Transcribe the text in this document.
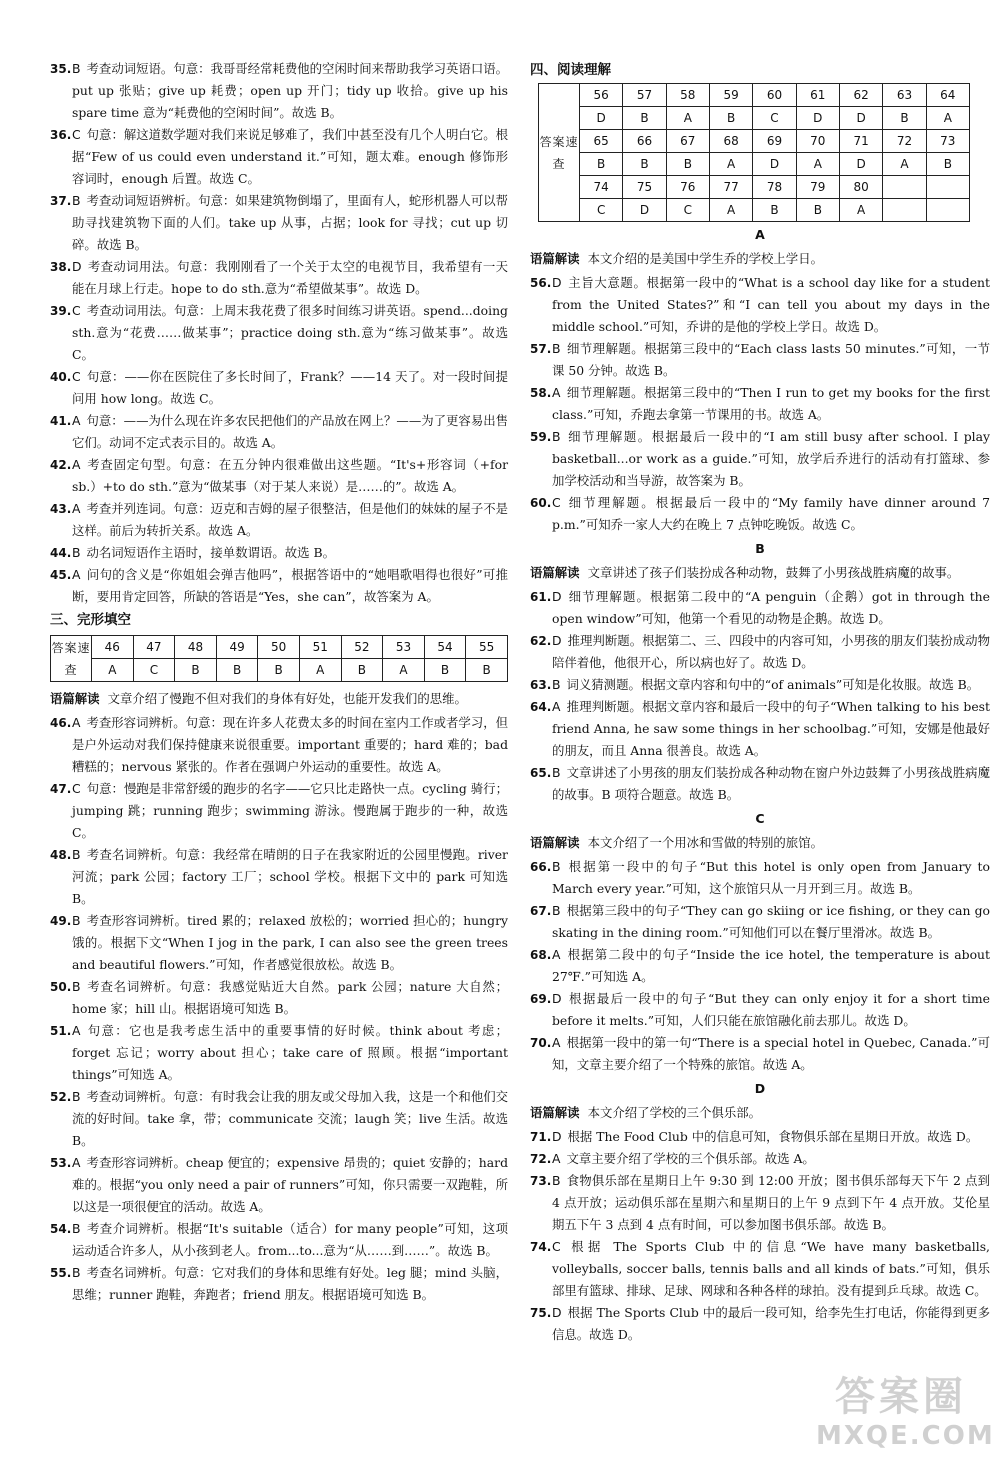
35. B 考查动词短语。句意：我哥哥经常耗费他的空闲时间来帮助我学习英语口语。put up 张贴；give up 耗费；open up 开门；tidy up 收拾。give up his spare time 意为“耗费他的空闲时间”。故选 B。
36. C 句意：解这道数学题对我们来说足够难了，我们中甚至没有几个人明白它。根据“Few of us could even understand it.”可知，题太难。enough 修饰形容词时，enough 后置。故选 C。
37. B 考查动词短语辨析。句意：如果建筑物倒塌了，里面有人，蛇形机器人可以帮助寻找建筑物下面的人们。take up 从事，占据；look for 寻找；cut up 切碎。故选 B。
38. D 考查动词用法。句意：我刚刚看了一个关于太空的电视节目，我希望有一天能在月球上行走。hope to do sth.意为“希望做某事”。故选 D。
39. C 考查动词用法。句意：上周末我花费了很多时间练习讲英语。spend...doing sth.意为“花费……做某事”；practice doing sth.意为“练习做某事”。故选 C。
40. C 句意：——你在医院住了多长时间了，Frank？——14 天了。对一段时间提问用 how long。故选 C。
41. A 句意：——为什么现在许多农民把他们的产品放在网上？——为了更容易出售它们。动词不定式表示目的。故选 A。
42. A 考查固定句型。句意：在五分钟内很难做出这些题。“It's+形容词（+for sb.）+to do sth.”意为“做某事（对于某人来说）是……的”。故选 A。
43. A 考查并列连词。句意：迈克和吉姆的屋子很整洁，但是他们的妹妹的屋子不是这样。前后为转折关系。故选 A。
44. B 动名词短语作主语时，接单数谓语。故选 B。
45. A 问句的含义是“你姐姐会弹吉他吗”，根据答语中的“她唱歌唱得也很好”可推断，要用肯定回答，所缺的答语是“Yes，she can”，故答案为 A。
三、完形填空
答案速查	46	47	48	49	50	51	52	53	54	55
	A	C	B	B	B	A	B	A	B	B
语篇解读 文章介绍了慢跑不但对我们的身体有好处，也能开发我们的思维。
46. A 考查形容词辨析。句意：现在许多人花费太多的时间在室内工作或者学习，但是户外运动对我们保持健康来说很重要。important 重要的；hard 难的；bad 糟糕的；nervous 紧张的。作者在强调户外运动的重要性。故选 A。
47. C 句意：慢跑是非常舒缓的跑步的名字——它只比走路快一点。cycling 骑行；jumping 跳；running 跑步；swimming 游泳。慢跑属于跑步的一种，故选 C。
48. B 考查名词辨析。句意：我经常在晴朗的日子在我家附近的公园里慢跑。river 河流；park 公园；factory 工厂；school 学校。根据下文中的 park 可知选 B。
49. B 考查形容词辨析。tired 累的；relaxed 放松的；worried 担心的；hungry 饿的。根据下文“When I jog in the park, I can also see the green trees and beautiful flowers.”可知，作者感觉很放松。故选 B。
50. B 考查名词辨析。句意：我感觉贴近大自然。park 公园；nature 大自然；home 家；hill 山。根据语境可知选 B。
51. A 句意：它也是我考虑生活中的重要事情的好时候。think about 考虑；forget 忘记；worry about 担心；take care of 照顾。根据“important things”可知选 A。
52. B 考查动词辨析。句意：有时我会让我的朋友或父母加入我，这是一个和他们交流的好时间。take 拿，带；communicate 交流；laugh 笑；live 生活。故选 B。
53. A 考查形容词辨析。cheap 便宜的；expensive 昂贵的；quiet 安静的；hard 难的。根据“you only need a pair of runners”可知，你只需要一双跑鞋，所以这是一项很便宜的活动。故选 A。
54. B 考查介词辨析。根据“It's suitable（适合）for many people”可知，这项运动适合许多人，从小孩到老人。from...to...意为“从……到……”。故选 B。
55. B 考查名词辨析。句意：它对我们的身体和思维有好处。leg 腿；mind 头脑，思维；runner 跑鞋，奔跑者；friend 朋友。根据语境可知选 B。
四、阅读理解
答案速查	56	57	58	59	60	61	62	63	64
	D	B	A	B	C	D	D	B	A
	65	66	67	68	69	70	71	72	73
	B	B	B	A	D	A	D	A	B
	74	75	76	77	78	79	80		
	C	D	C	A	B	B	A		
A
语篇解读 本文介绍的是美国中学生乔的学校上学日。
56. D 主旨大意题。根据第一段中的“What is a school day like for a student from the United States?”和“I can tell you about my days in the middle school.”可知，乔讲的是他的学校上学日。故选 D。
57. B 细节理解题。根据第三段中的“Each class lasts 50 minutes.”可知，一节课 50 分钟。故选 B。
58. A 细节理解题。根据第三段中的“Then I run to get my books for the first class.”可知，乔跑去拿第一节课用的书。故选 A。
59. B 细节理解题。根据最后一段中的“I am still busy after school. I play basketball...or work as a guide.”可知，放学后乔进行的活动有打篮球、参加学校活动和当导游，故答案为 B。
60. C 细节理解题。根据最后一段中的“My family have dinner around 7 p.m.”可知乔一家人大约在晚上 7 点钟吃晚饭。故选 C。
B
语篇解读 文章讲述了孩子们装扮成各种动物，鼓舞了小男孩战胜病魔的故事。
61. D 细节理解题。根据第二段中的“A penguin（企鹅）got in through the open window”可知，他第一个看见的动物是企鹅。故选 D。
62. D 推理判断题。根据第二、三、四段中的内容可知，小男孩的朋友们装扮成动物陪伴着他，他很开心，所以病也好了。故选 D。
63. B 词义猜测题。根据文章内容和句中的“of animals”可知是化妆服。故选 B。
64. A 推理判断题。根据文章内容和最后一段中的句子“When talking to his best friend Anna, he saw some things in her schoolbag.”可知，安娜是他最好的朋友，而且 Anna 很善良。故选 A。
65. B 文章讲述了小男孩的朋友们装扮成各种动物在窗户外边鼓舞了小男孩战胜病魔的故事。B 项符合题意。故选 B。
C
语篇解读 本文介绍了一个用冰和雪做的特别的旅馆。
66. B 根据第一段中的句子“But this hotel is only open from January to March every year.”可知，这个旅馆只从一月开到三月。故选 B。
67. B 根据第三段中的句子“They can go skiing or ice fishing, or they can go skating in the dining room.”可知他们可以在餐厅里滑冰。故选 B。
68. A 根据第二段中的句子“Inside the ice hotel, the temperature is about 27℉.”可知选 A。
69. D 根据最后一段中的句子“But they can only enjoy it for a short time before it melts.”可知，人们只能在旅馆融化前去那儿。故选 D。
70. A 根据第一段中的第一句“There is a special hotel in Quebec, Canada.”可知，文章主要介绍了一个特殊的旅馆。故选 A。
D
语篇解读 本文介绍了学校的三个俱乐部。
71. D 根据 The Food Club 中的信息可知，食物俱乐部在星期日开放。故选 D。
72. A 文章主要介绍了学校的三个俱乐部。故选 A。
73. B 食物俱乐部在星期日上午 9:30 到 12:00 开放；图书俱乐部每天下午 2 点到 4 点开放；运动俱乐部在星期六和星期日的上午 9 点到下午 4 点开放。艾伦星期五下午 3 点到 4 点有时间，可以参加图书俱乐部。故选 B。
74. C 根据 The Sports Club 中的信息“We have many basketballs, volleyballs, soccer balls, tennis balls and all kinds of bats.”可知，俱乐部里有篮球、排球、足球、网球和各种各样的球拍。没有提到乒乓球。故选 C。
75. D 根据 The Sports Club 中的最后一段可知，给李先生打电话，你能得到更多信息。故选 D。
答案圈
MXQE.COM
